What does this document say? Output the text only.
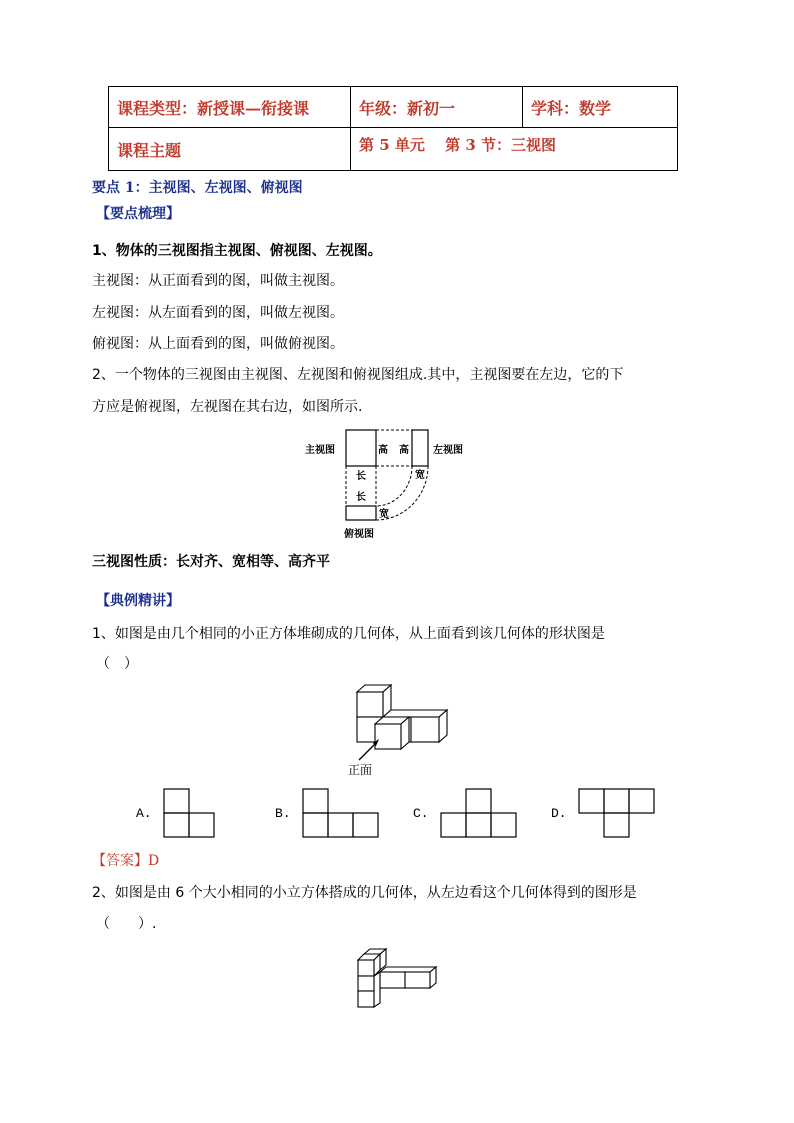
课程类型：新授课—衔接课	年级：新初一	学科：数学
课程主题	第 5 单元　 第 3 节：三视图	
要点 1：主视图、左视图、俯视图
【要点梳理】
1、物体的三视图指主视图、俯视图、左视图。
主视图：从正面看到的图，叫做主视图。
左视图：从左面看到的图，叫做左视图。
俯视图：从上面看到的图，叫做俯视图。
2、一个物体的三视图由主视图、左视图和俯视图组成.其中，主视图要在左边，它的下
方应是俯视图，左视图在其右边，如图所示.
主视图	左视图
俯视图
高 高
长
长
宽
宽
三视图性质：长对齐、宽相等、高齐平
【典例精讲】
1、如图是由几个相同的小正方体堆砌成的几何体，从上面看到该几何体的形状图是
（　）
正面
A.	B.	C.	D.
【答案】D
2、如图是由 6 个大小相同的小立方体搭成的几何体，从左边看这个几何体得到的图形是
（　　）.
